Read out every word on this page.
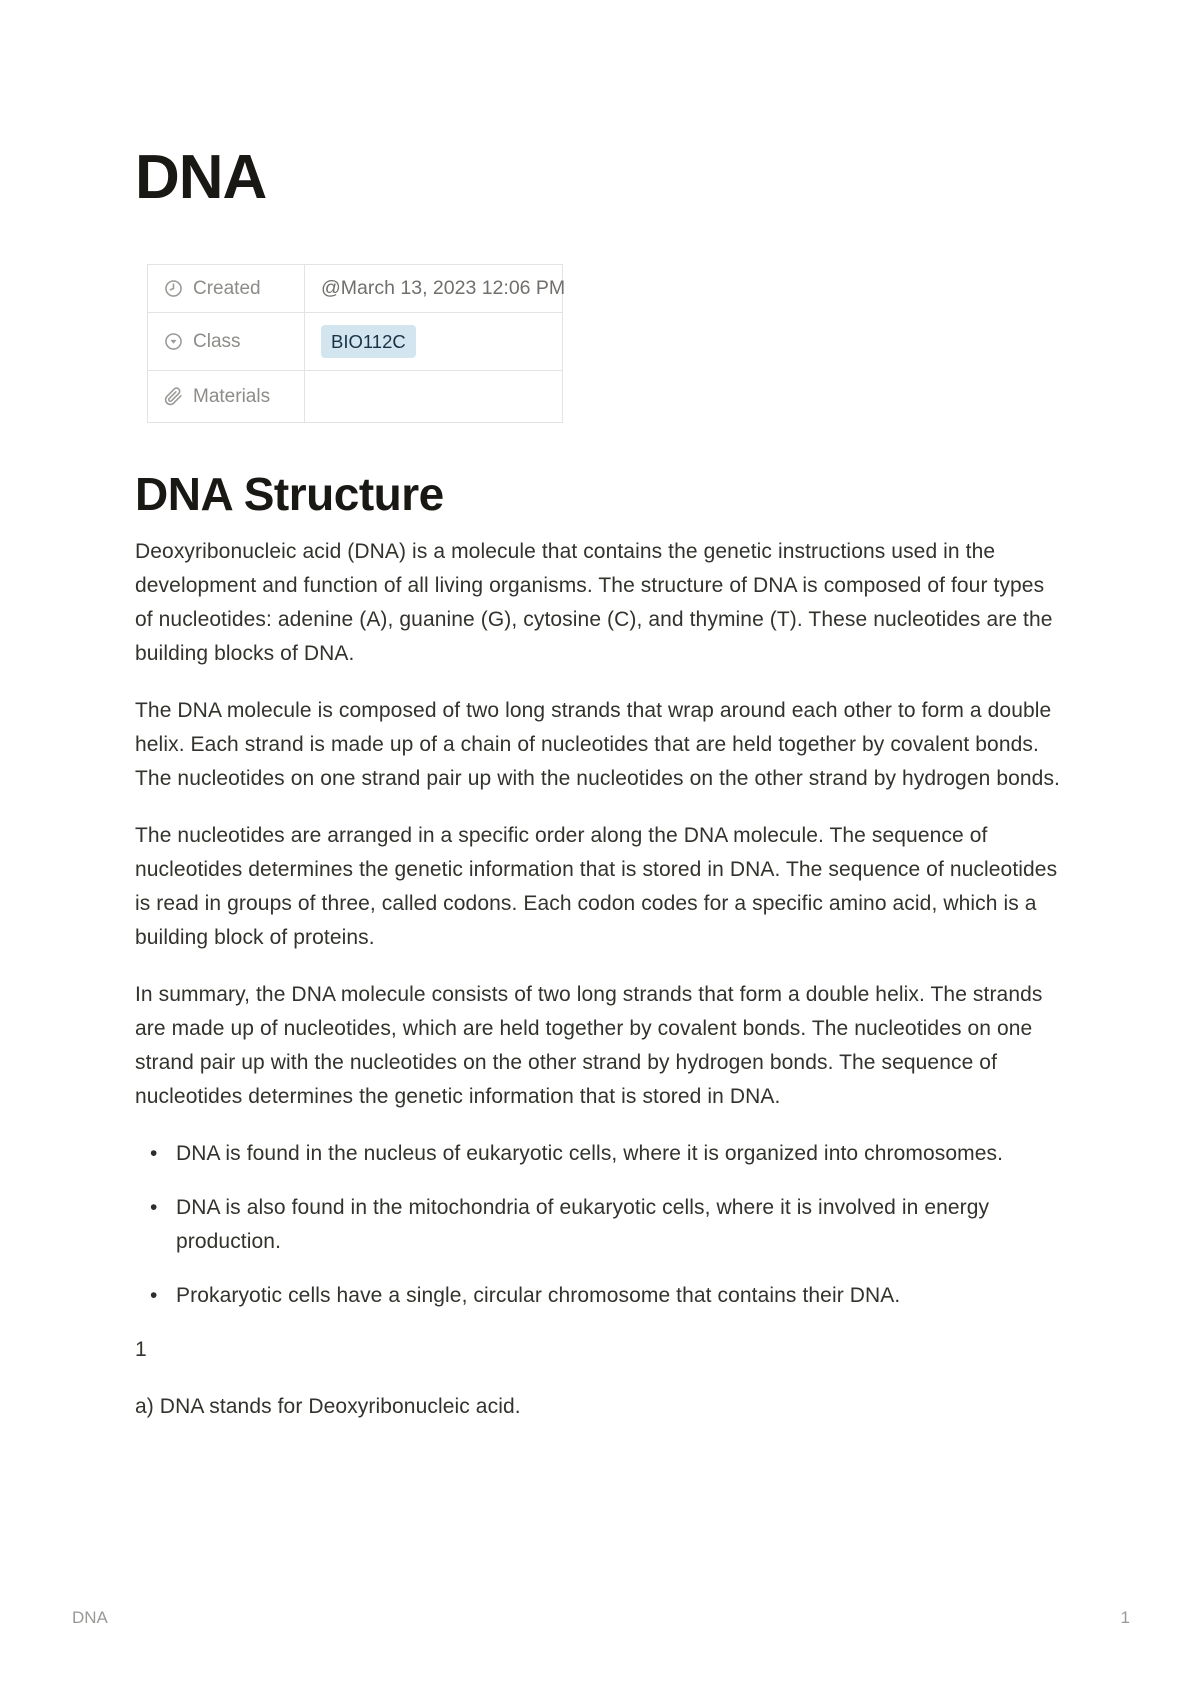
DNA
Created	@March 13, 2023 12:06 PM

Class	BIO112C

Materials	

DNA Structure

Deoxyribonucleic acid (DNA) is a molecule that contains the genetic instructions used in the development and function of all living organisms. The structure of DNA is composed of four types of nucleotides: adenine (A), guanine (G), cytosine (C), and thymine (T). These nucleotides are the building blocks of DNA.

The DNA molecule is composed of two long strands that wrap around each other to form a double helix. Each strand is made up of a chain of nucleotides that are held together by covalent bonds. The nucleotides on one strand pair up with the nucleotides on the other strand by hydrogen bonds.

The nucleotides are arranged in a specific order along the DNA molecule. The sequence of nucleotides determines the genetic information that is stored in DNA. The sequence of nucleotides is read in groups of three, called codons. Each codon codes for a specific amino acid, which is a building block of proteins.

In summary, the DNA molecule consists of two long strands that form a double helix. The strands are made up of nucleotides, which are held together by covalent bonds. The nucleotides on one strand pair up with the nucleotides on the other strand by hydrogen bonds. The sequence of nucleotides determines the genetic information that is stored in DNA.

• DNA is found in the nucleus of eukaryotic cells, where it is organized into chromosomes.
• DNA is also found in the mitochondria of eukaryotic cells, where it is involved in energy production.
• Prokaryotic cells have a single, circular chromosome that contains their DNA.

1

a) DNA stands for Deoxyribonucleic acid.

DNA	1
